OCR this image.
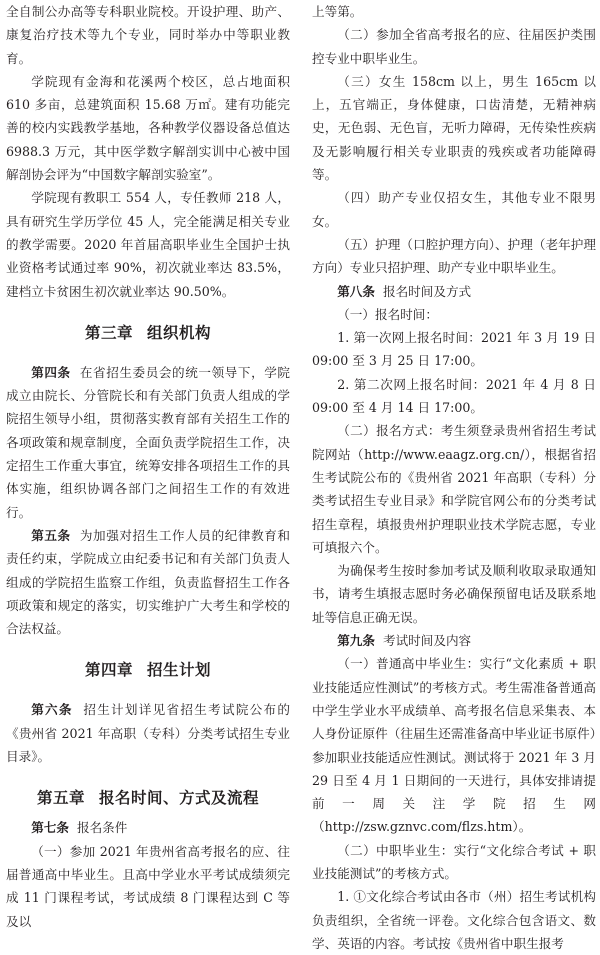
全自制公办高等专科职业院校。开设护理、助产、康复治疗技术等九个专业，同时举办中等职业教育。

学院现有金海和花溪两个校区，总占地面积 610 多亩，总建筑面积 15.68 万㎡。建有功能完善的校内实践教学基地，各种教学仪器设备总值达 6988.3 万元，其中医学数字解剖实训中心被中国解剖协会评为“中国数字解剖实验室”。

学院现有教职工 554 人，专任教师 218 人，具有研究生学历学位 45 人，完全能满足相关专业的教学需要。2020 年首届高职毕业生全国护士执业资格考试通过率 90%，初次就业率达 83.5%，建档立卡贫困生初次就业率达 90.50%。

第三章 组织机构

第四条 在省招生委员会的统一领导下，学院成立由院长、分管院长和有关部门负责人组成的学院招生领导小组，贯彻落实教育部有关招生工作的各项政策和规章制度，全面负责学院招生工作，决定招生工作重大事宜，统筹安排各项招生工作的具体实施，组织协调各部门之间招生工作的有效进行。

第五条 为加强对招生工作人员的纪律教育和责任约束，学院成立由纪委书记和有关部门负责人组成的学院招生监察工作组，负责监督招生工作各项政策和规定的落实，切实维护广大考生和学校的合法权益。

第四章 招生计划

第六条 招生计划详见省招生考试院公布的《贵州省 2021 年高职（专科）分类考试招生专业目录》。

第五章 报名时间、方式及流程

第七条 报名条件

（一）参加 2021 年贵州省高考报名的应、往届普通高中毕业生。且高中学业水平考试成绩须完成 11 门课程考试，考试成绩 8 门课程达到 C 等及以

上等第。

（二）参加全省高考报名的应、往届医护类围控专业中职毕业生。

（三）女生 158cm 以上，男生 165cm 以上，五官端正，身体健康，口齿清楚，无精神病史，无色弱、无色盲，无听力障碍，无传染性疾病及无影响履行相关专业职责的残疾或者功能障碍等。

（四）助产专业仅招女生，其他专业不限男女。

（五）护理（口腔护理方向）、护理（老年护理方向）专业只招护理、助产专业中职毕业生。

第八条 报名时间及方式

（一）报名时间：

1. 第一次网上报名时间：2021 年 3 月 19 日 09:00 至 3 月 25 日 17:00。

2. 第二次网上报名时间：2021 年 4 月 8 日 09:00 至 4 月 14 日 17:00。

（二）报名方式：考生须登录贵州省招生考试院网站（http://www.eaagz.org.cn/），根据省招生考试院公布的《贵州省 2021 年高职（专科）分类考试招生专业目录》和学院官网公布的分类考试招生章程，填报贵州护理职业技术学院志愿，专业可填报六个。

为确保考生按时参加考试及顺利收取录取通知书，请考生填报志愿时务必确保预留电话及联系地址等信息正确无误。

第九条 考试时间及内容

（一）普通高中毕业生：实行“文化素质 + 职业技能适应性测试”的考核方式。考生需准备普通高中学生学业水平成绩单、高考报名信息采集表、本人身份证原件（往届生还需准备高中毕业证书原件）参加职业技能适应性测试。测试将于 2021 年 3 月 29 日至 4 月 1 日期间的一天进行，具体安排请提前一周关注学院招生网（http://zsw.gznvc.com/flzs.htm）。

（二）中职毕业生：实行“文化综合考试 + 职业技能测试”的考核方式。

1. ①文化综合考试由各市（州）招生考试机构负责组织，全省统一评卷。文化综合包含语文、数学、英语的内容。考试按《贵州省中职生报考
